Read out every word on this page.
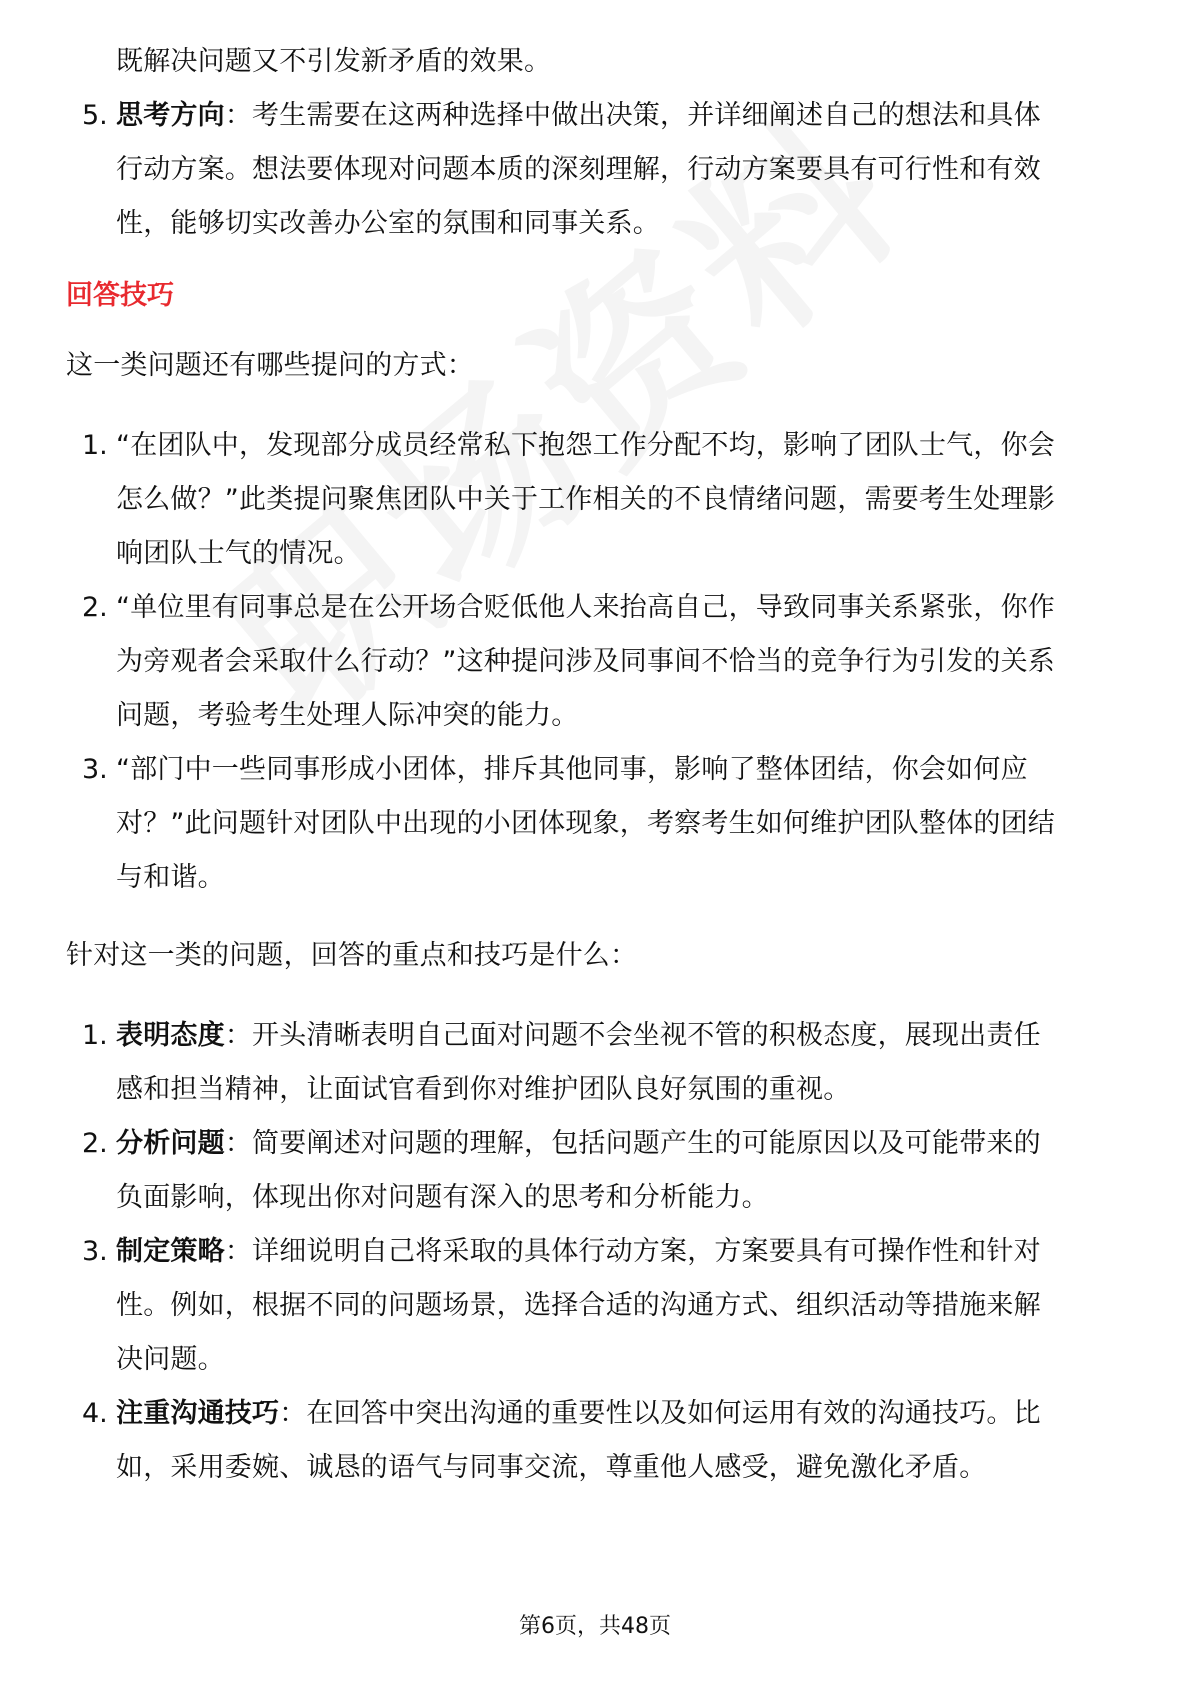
既解决问题又不引发新矛盾的效果。
5. 思考方向：考生需要在这两种选择中做出决策，并详细阐述自己的想法和具体
行动方案。想法要体现对问题本质的深刻理解，行动方案要具有可行性和有效
性，能够切实改善办公室的氛围和同事关系。
回答技巧
这一类问题还有哪些提问的方式：
1. “在团队中，发现部分成员经常私下抱怨工作分配不均，影响了团队士气，你会
怎么做？”此类提问聚焦团队中关于工作相关的不良情绪问题，需要考生处理影
响团队士气的情况。
2. “单位里有同事总是在公开场合贬低他人来抬高自己，导致同事关系紧张，你作
为旁观者会采取什么行动？”这种提问涉及同事间不恰当的竞争行为引发的关系
问题，考验考生处理人际冲突的能力。
3. “部门中一些同事形成小团体，排斥其他同事，影响了整体团结，你会如何应
对？”此问题针对团队中出现的小团体现象，考察考生如何维护团队整体的团结
与和谐。
针对这一类的问题，回答的重点和技巧是什么：
1. 表明态度：开头清晰表明自己面对问题不会坐视不管的积极态度，展现出责任
感和担当精神，让面试官看到你对维护团队良好氛围的重视。
2. 分析问题：简要阐述对问题的理解，包括问题产生的可能原因以及可能带来的
负面影响，体现出你对问题有深入的思考和分析能力。
3. 制定策略：详细说明自己将采取的具体行动方案，方案要具有可操作性和针对
性。例如，根据不同的问题场景，选择合适的沟通方式、组织活动等措施来解
决问题。
4. 注重沟通技巧：在回答中突出沟通的重要性以及如何运用有效的沟通技巧。比
如，采用委婉、诚恳的语气与同事交流，尊重他人感受，避免激化矛盾。
第6页，共48页
